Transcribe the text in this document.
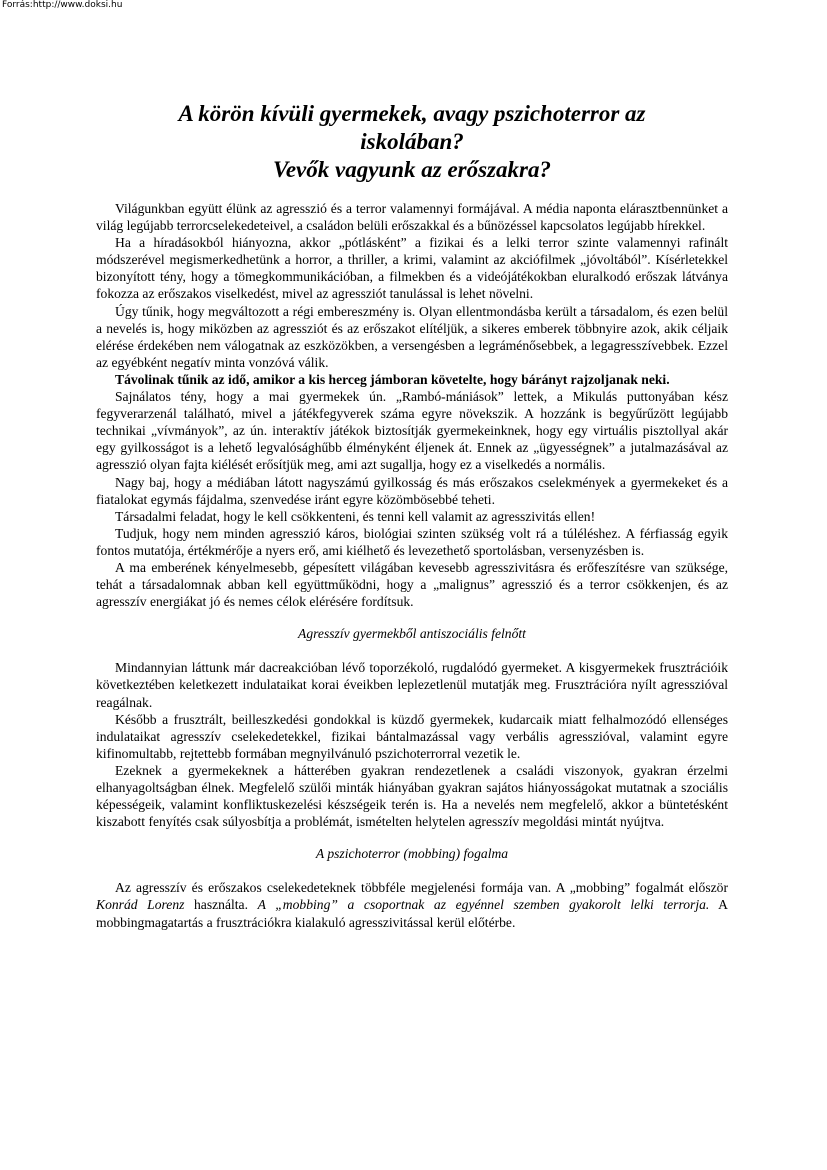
Forrás:http://www.doksi.hu
A körön kívüli gyermekek, avagy pszichoterror az
iskolában?
Vevők vagyunk az erőszakra?

Világunkban együtt élünk az agresszió és a terror valamennyi formájával. A média naponta elárasztbennünket a világ legújabb terrorcselekedeteivel, a családon belüli erőszakkal és a bűnözéssel kapcsolatos legújabb hírekkel.

Ha a híradásokból hiányozna, akkor „pótlásként” a fizikai és a lelki terror szinte valamennyi rafinált módszerével megismerkedhetünk a horror, a thriller, a krimi, valamint az akciófilmek „jóvoltából”. Kísérletekkel bizonyított tény, hogy a tömegkommunikációban, a filmekben és a videójátékokban eluralkodó erőszak látványa fokozza az erőszakos viselkedést, mivel az agressziót tanulással is lehet növelni.

Úgy tűnik, hogy megváltozott a régi embereszmény is. Olyan ellentmondásba került a társadalom, és ezen belül a nevelés is, hogy miközben az agressziót és az erőszakot elítéljük, a sikeres emberek többnyire azok, akik céljaik elérése érdekében nem válogatnak az eszközökben, a versengésben a legráménősebbek, a legagresszívebbek. Ezzel az egyébként negatív minta vonzóvá válik.

Távolinak tűnik az idő, amikor a kis herceg jámboran követelte, hogy bárányt rajzoljanak neki.

Sajnálatos tény, hogy a mai gyermekek ún. „Rambó-mániások” lettek, a Mikulás puttonyában kész fegyverarzenál található, mivel a játékfegyverek száma egyre növekszik. A hozzánk is begyűrűzött legújabb technikai „vívmányok”, az ún. interaktív játékok biztosítják gyermekeinknek, hogy egy virtuális pisztollyal akár egy gyilkosságot is a lehető legvalósághűbb élményként éljenek át. Ennek az „ügyességnek” a jutalmazásával az agresszió olyan fajta kiélését erősítjük meg, ami azt sugallja, hogy ez a viselkedés a normális.

Nagy baj, hogy a médiában látott nagyszámú gyilkosság és más erőszakos cselekmények a gyermekeket és a fiatalokat egymás fájdalma, szenvedése iránt egyre közömbösebbé teheti.

Társadalmi feladat, hogy le kell csökkenteni, és tenni kell valamit az agresszivitás ellen!

Tudjuk, hogy nem minden agresszió káros, biológiai szinten szükség volt rá a túléléshez. A férfiasság egyik fontos mutatója, értékmérője a nyers erő, ami kiélhető és levezethető sportolásban, versenyzésben is.

A ma emberének kényelmesebb, gépesített világában kevesebb agresszivitásra és erőfeszítésre van szüksége, tehát a társadalomnak abban kell együttműködni, hogy a „malignus” agresszió és a terror csökkenjen, és az agresszív energiákat jó és nemes célok elérésére fordítsuk.

Agresszív gyermekből antiszociális felnőtt

Mindannyian láttunk már dacreakcióban lévő toporzékoló, rugdalódó gyermeket. A kisgyermekek frusztrációik következtében keletkezett indulataikat korai éveikben leplezetlenül mutatják meg. Frusztrációra nyílt agresszióval reagálnak.

Később a frusztrált, beilleszkedési gondokkal is küzdő gyermekek, kudarcaik miatt felhalmozódó ellenséges indulataikat agresszív cselekedetekkel, fizikai bántalmazással vagy verbális agresszióval, valamint egyre kifinomultabb, rejtettebb formában megnyilvánuló pszichoterrorral vezetik le.

Ezeknek a gyermekeknek a hátterében gyakran rendezetlenek a családi viszonyok, gyakran érzelmi elhanyagoltságban élnek. Megfelelő szülői minták hiányában gyakran sajátos hiányosságokat mutatnak a szociális képességeik, valamint konfliktuskezelési készségeik terén is. Ha a nevelés nem megfelelő, akkor a büntetésként kiszabott fenyítés csak súlyosbítja a problémát, ismételten helytelen agresszív megoldási mintát nyújtva.

A pszichoterror (mobbing) fogalma

Az agresszív és erőszakos cselekedeteknek többféle megjelenési formája van. A „mobbing” fogalmát először Konrád Lorenz használta. A „mobbing” a csoportnak az egyénnel szemben gyakorolt lelki terrorja. A mobbingmagatartás a frusztrációkra kialakuló agresszivitással kerül előtérbe.
